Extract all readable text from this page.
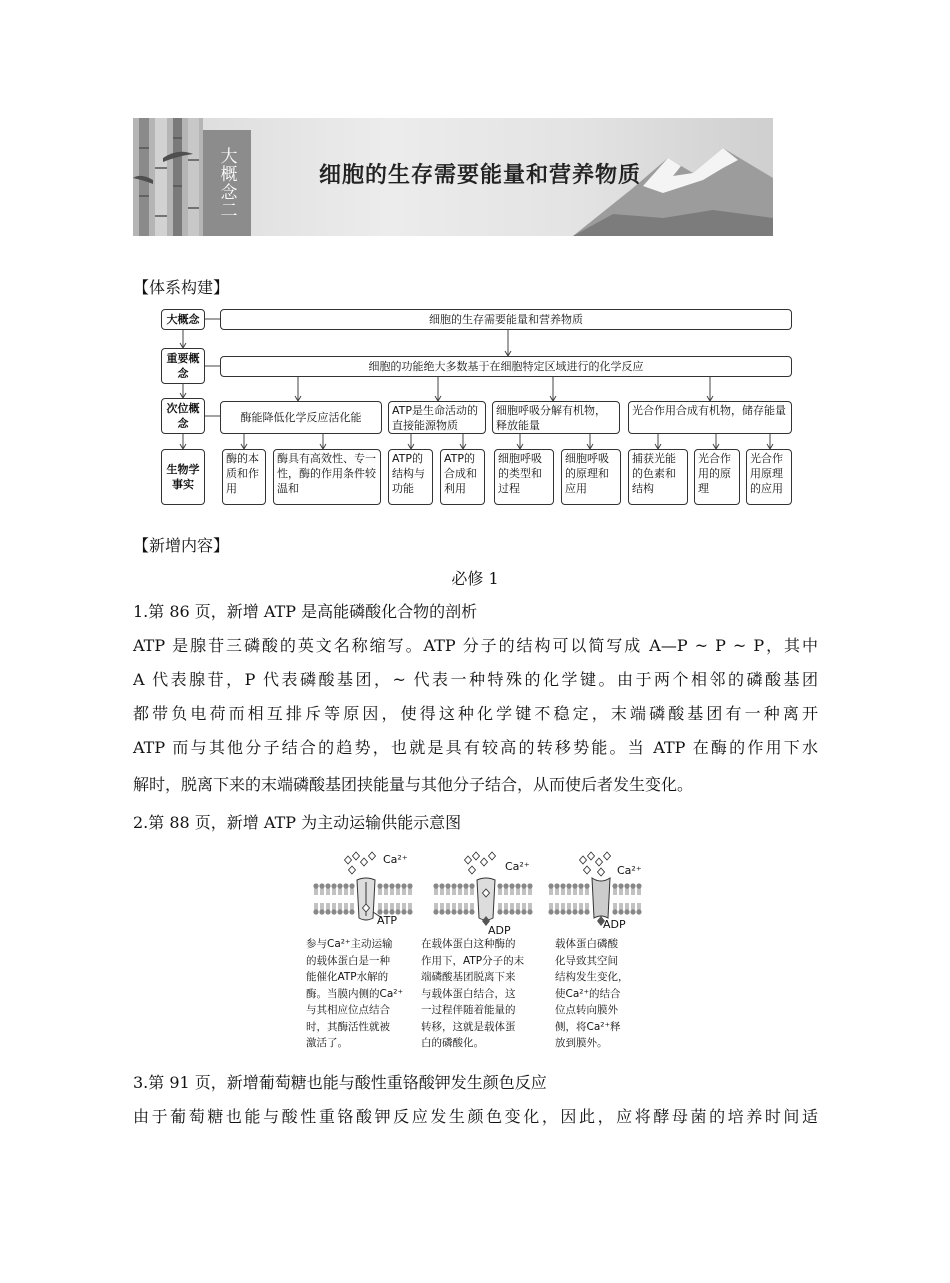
大概念二	细胞的生存需要能量和营养物质
【体系构建】
大概念
重要概念
次位概念
生物学事实
细胞的生存需要能量和营养物质
细胞的功能绝大多数基于在细胞特定区域进行的化学反应
酶能降低化学反应活化能
ATP是生命活动的直接能源物质
细胞呼吸分解有机物，释放能量
光合作用合成有机物，储存能量
酶的本质和作用
酶具有高效性、专一性，酶的作用条件较温和
ATP的结构与功能
ATP的合成和利用
细胞呼吸的类型和过程
细胞呼吸的原理和应用
捕获光能的色素和结构
光合作用的原理
光合作用原理的应用
【新增内容】
必修 1
1.第 86 页，新增 ATP 是高能磷酸化合物的剖析
ATP 是腺苷三磷酸的英文名称缩写。ATP 分子的结构可以简写成 A—P ~ P ~ P，其中
A 代表腺苷，P 代表磷酸基团，~ 代表一种特殊的化学键。由于两个相邻的磷酸基团
都带负电荷而相互排斥等原因，使得这种化学键不稳定，末端磷酸基团有一种离开
ATP 而与其他分子结合的趋势，也就是具有较高的转移势能。当 ATP 在酶的作用下水
解时，脱离下来的末端磷酸基团挟能量与其他分子结合，从而使后者发生变化。
2.第 88 页，新增 ATP 为主动运输供能示意图
Ca²⁺
Ca²⁺	Ca²⁺
ATP
ADP	ADP
参与Ca²⁺主动运输
的载体蛋白是一种
能催化ATP水解的
酶。当膜内侧的Ca²⁺
与其相应位点结合
时，其酶活性就被
激活了。
在载体蛋白这种酶的
作用下，ATP分子的末
端磷酸基团脱离下来
与载体蛋白结合，这
一过程伴随着能量的
转移，这就是载体蛋
白的磷酸化。
载体蛋白磷酸
化导致其空间
结构发生变化，
使Ca²⁺的结合
位点转向膜外
侧，将Ca²⁺释
放到膜外。
3.第 91 页，新增葡萄糖也能与酸性重铬酸钾发生颜色反应
由于葡萄糖也能与酸性重铬酸钾反应发生颜色变化，因此，应将酵母菌的培养时间适
